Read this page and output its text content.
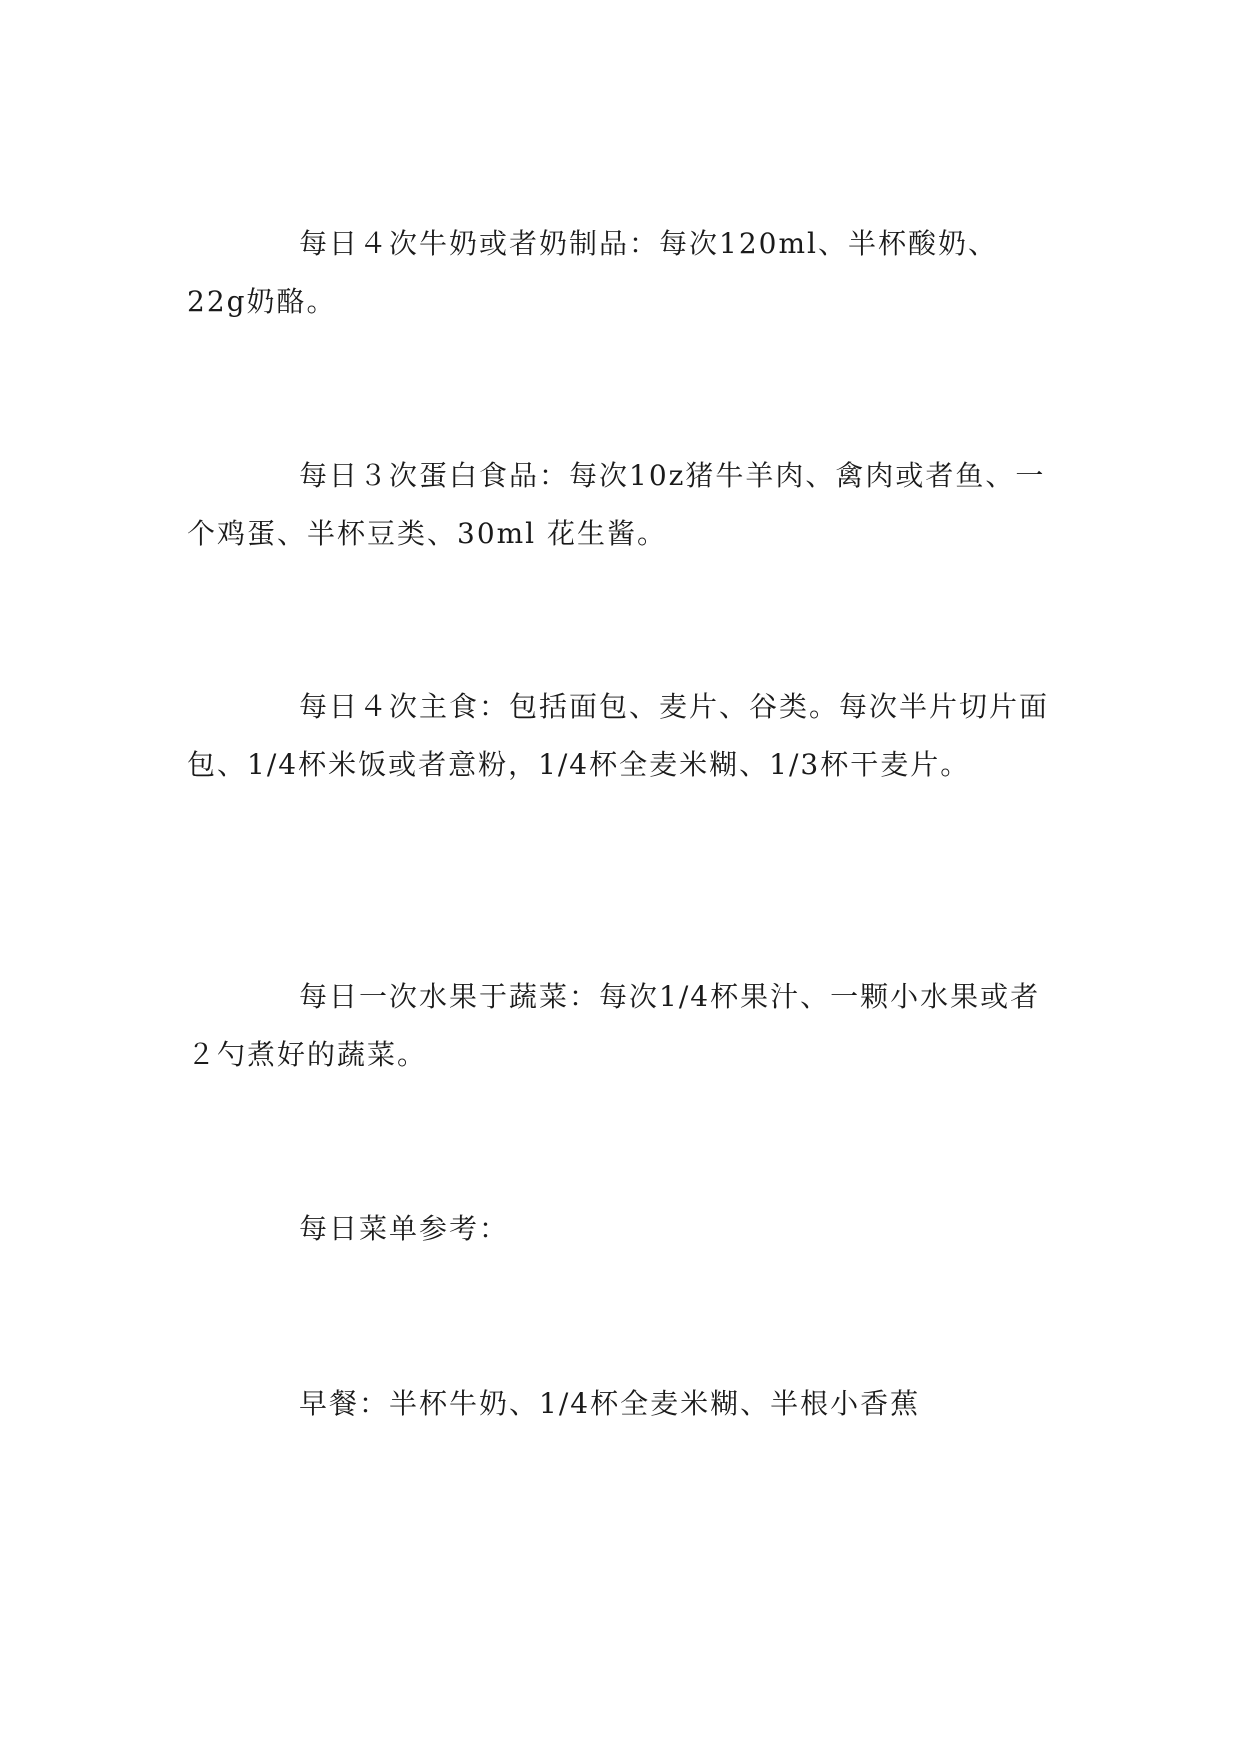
每日４次牛奶或者奶制品：每次120ml、半杯酸奶、22g奶酪。

每日３次蛋白食品：每次10z猪牛羊肉、禽肉或者鱼、一个鸡蛋、半杯豆类、30ml 花生酱。

每日４次主食：包括面包、麦片、谷类。每次半片切片面包、1/4杯米饭或者意粉，1/4杯全麦米糊、1/3杯干麦片。

每日一次水果于蔬菜：每次1/4杯果汁、一颗小水果或者２勺煮好的蔬菜。

每日菜单参考：

早餐：半杯牛奶、1/4杯全麦米糊、半根小香蕉
